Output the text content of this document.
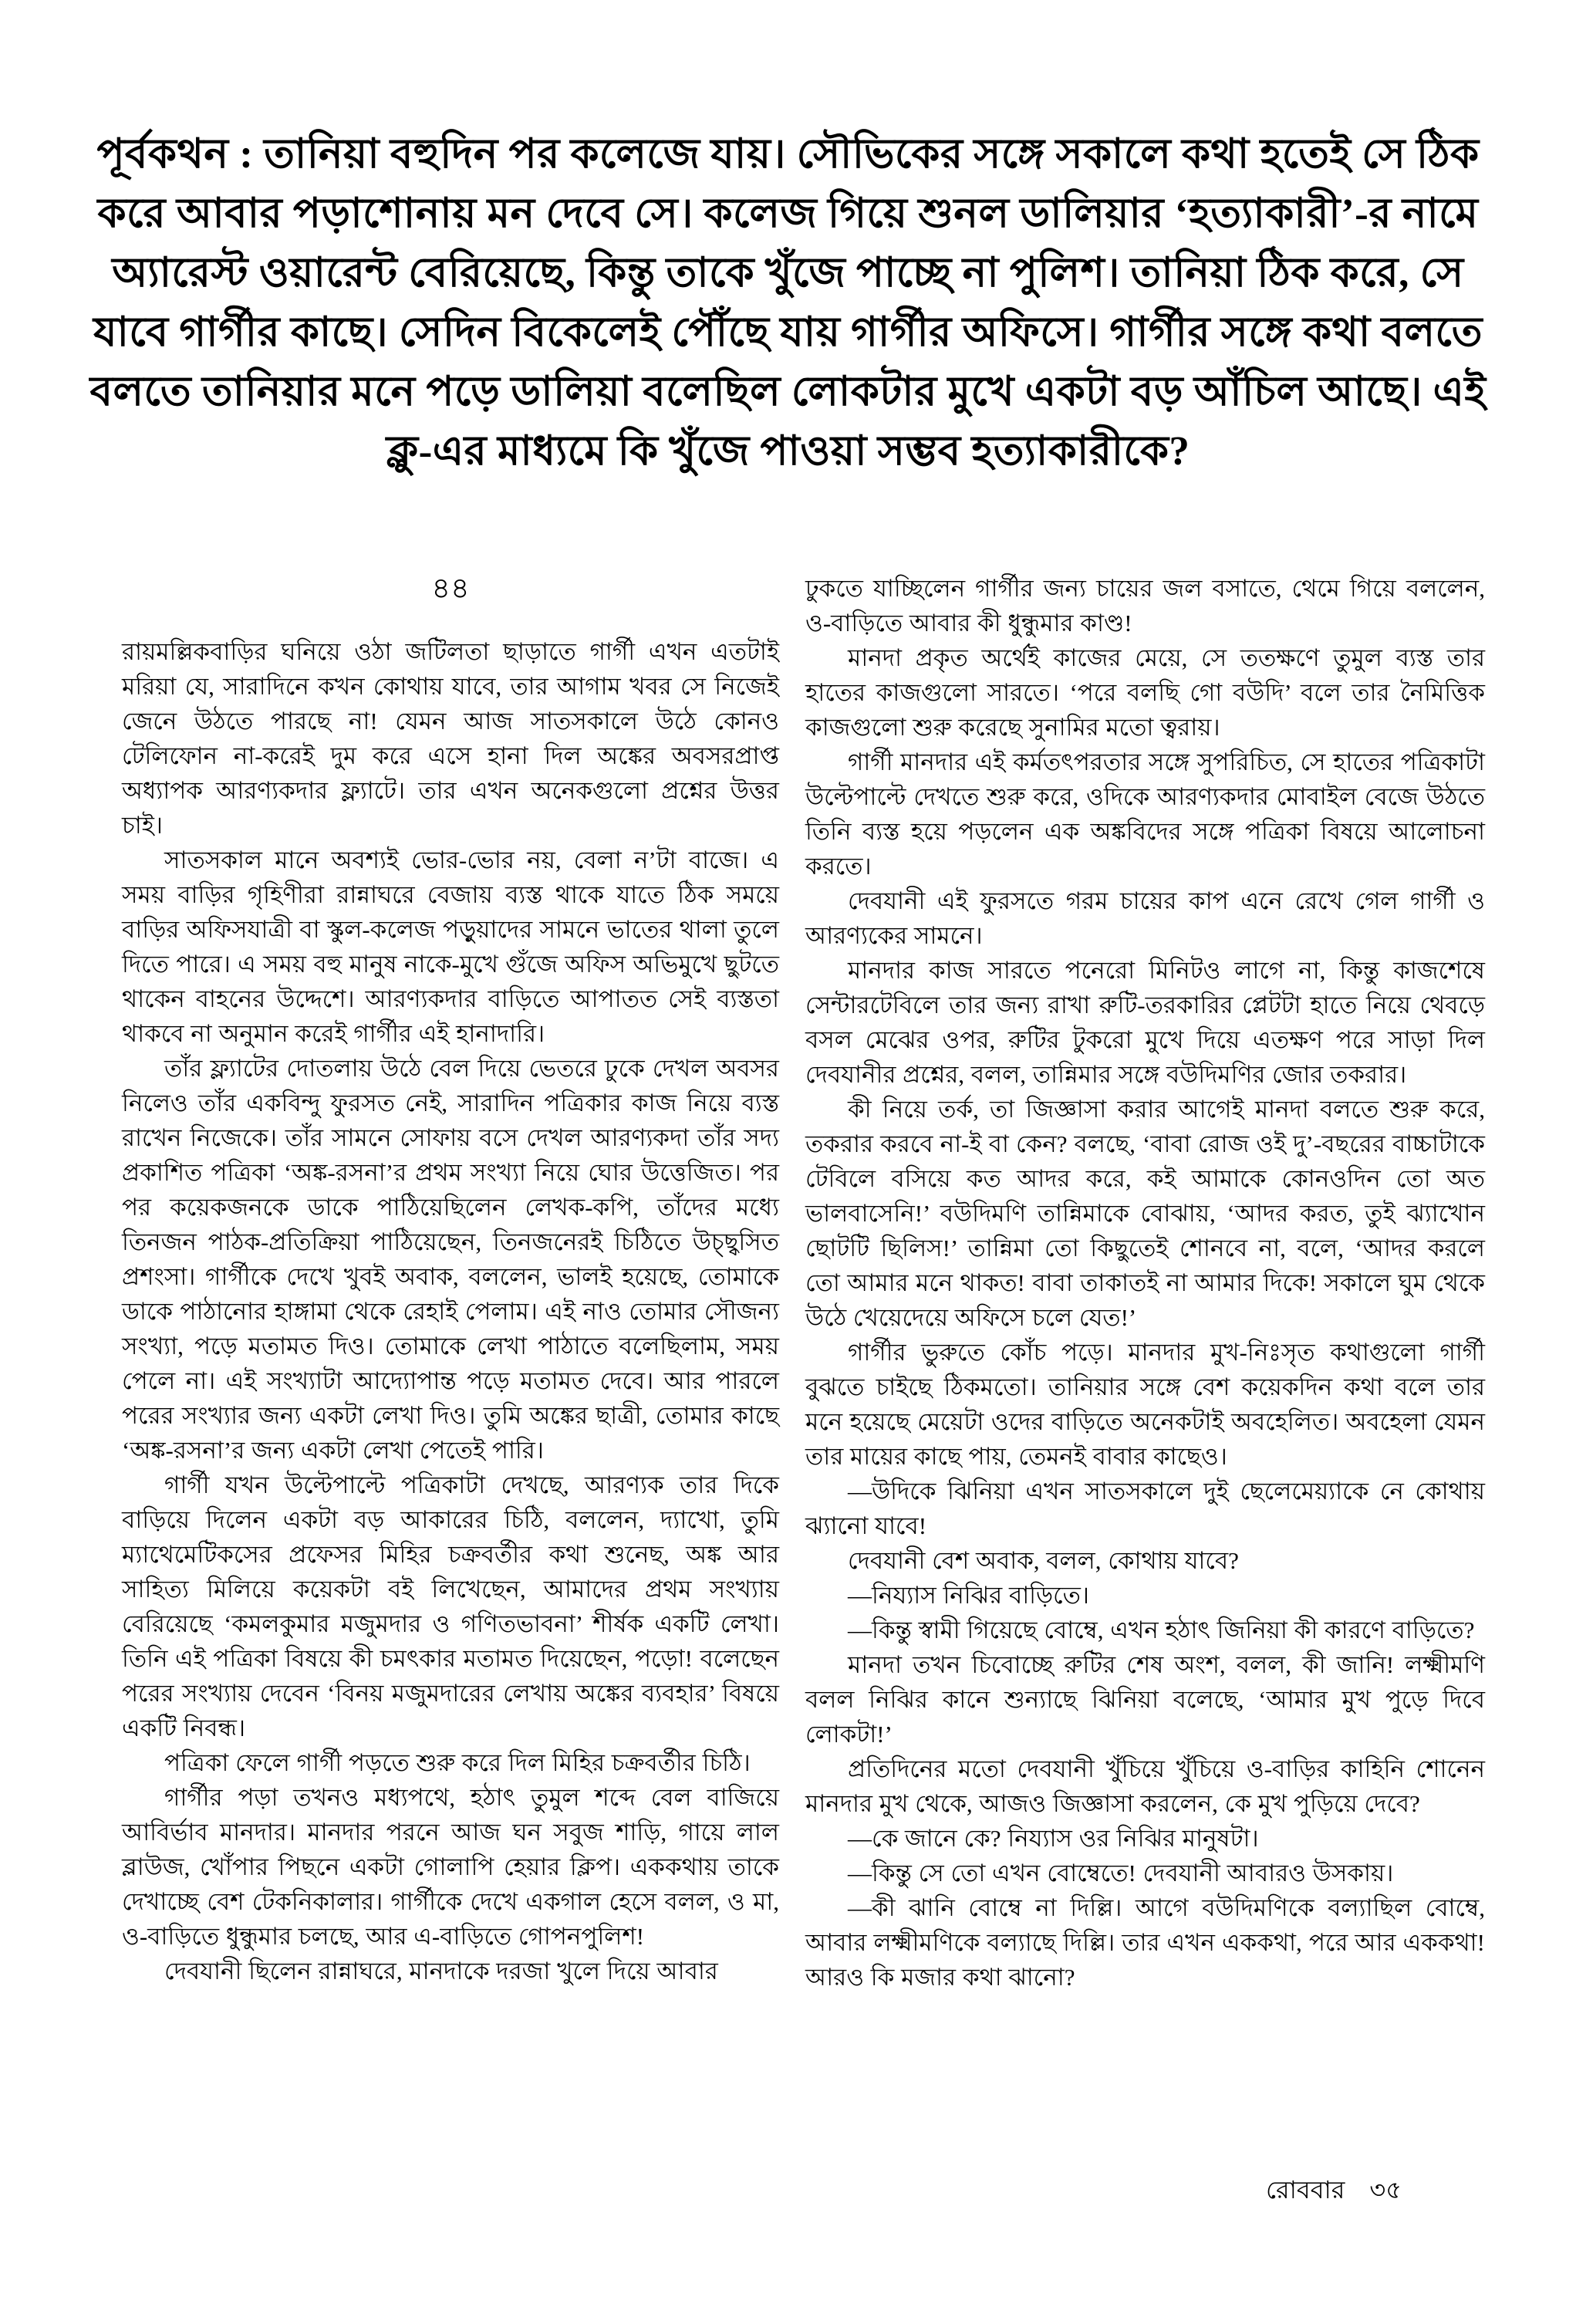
পূর্বকথন : তানিয়া বহুদিন পর কলেজে যায়। সৌভিকের সঙ্গে সকালে কথা হতেই সে ঠিক করে আবার পড়াশোনায় মন দেবে সে। কলেজ গিয়ে শুনল ডালিয়ার ‘হত্যাকারী’-র নামে অ্যারেস্ট ওয়ারেন্ট বেরিয়েছে, কিন্তু তাকে খুঁজে পাচ্ছে না পুলিশ। তানিয়া ঠিক করে, সে যাবে গার্গীর কাছে। সেদিন বিকেলেই পৌঁছে যায় গার্গীর অফিসে। গার্গীর সঙ্গে কথা বলতে বলতে তানিয়ার মনে পড়ে ডালিয়া বলেছিল লোকটার মুখে একটা বড় আঁচিল আছে। এই ক্লু-এর মাধ্যমে কি খুঁজে পাওয়া সম্ভব হত্যাকারীকে?

৪৪

রায়মল্লিকবাড়ির ঘনিয়ে ওঠা জটিলতা ছাড়াতে গার্গী এখন এতটাই মরিয়া যে, সারাদিনে কখন কোথায় যাবে, তার আগাম খবর সে নিজেই জেনে উঠতে পারছে না! যেমন আজ সাতসকালে উঠে কোনও টেলিফোন না-করেই দুম করে এসে হানা দিল অঙ্কের অবসরপ্রাপ্ত অধ্যাপক আরণ্যকদার ফ্ল্যাটে। তার এখন অনেকগুলো প্রশ্নের উত্তর চাই।

সাতসকাল মানে অবশ্যই ভোর-ভোর নয়, বেলা ন’টা বাজে। এ সময় বাড়ির গৃহিণীরা রান্নাঘরে বেজায় ব্যস্ত থাকে যাতে ঠিক সময়ে বাড়ির অফিসযাত্রী বা স্কুল-কলেজ পড়ুয়াদের সামনে ভাতের থালা তুলে দিতে পারে। এ সময় বহু মানুষ নাকে-মুখে গুঁজে অফিস অভিমুখে ছুটতে থাকেন বাহনের উদ্দেশে। আরণ্যকদার বাড়িতে আপাতত সেই ব্যস্ততা থাকবে না অনুমান করেই গার্গীর এই হানাদারি।

তাঁর ফ্ল্যাটের দোতলায় উঠে বেল দিয়ে ভেতরে ঢুকে দেখল অবসর নিলেও তাঁর একবিন্দু ফুরসত নেই, সারাদিন পত্রিকার কাজ নিয়ে ব্যস্ত রাখেন নিজেকে। তাঁর সামনে সোফায় বসে দেখল আরণ্যকদা তাঁর সদ্য প্রকাশিত পত্রিকা ‘অঙ্ক-রসনা’র প্রথম সংখ্যা নিয়ে ঘোর উত্তেজিত। পর পর কয়েকজনকে ডাকে পাঠিয়েছিলেন লেখক-কপি, তাঁদের মধ্যে তিনজন পাঠক-প্রতিক্রিয়া পাঠিয়েছেন, তিনজনেরই চিঠিতে উচ্ছ্বসিত প্রশংসা। গার্গীকে দেখে খুবই অবাক, বললেন, ভালই হয়েছে, তোমাকে ডাকে পাঠানোর হাঙ্গামা থেকে রেহাই পেলাম। এই নাও তোমার সৌজন্য সংখ্যা, পড়ে মতামত দিও। তোমাকে লেখা পাঠাতে বলেছিলাম, সময় পেলে না। এই সংখ্যাটা আদ্যোপান্ত পড়ে মতামত দেবে। আর পারলে পরের সংখ্যার জন্য একটা লেখা দিও। তুমি অঙ্কের ছাত্রী, তোমার কাছে ‘অঙ্ক-রসনা’র জন্য একটা লেখা পেতেই পারি।

গার্গী যখন উল্টেপাল্টে পত্রিকাটা দেখছে, আরণ্যক তার দিকে বাড়িয়ে দিলেন একটা বড় আকারের চিঠি, বললেন, দ্যাখো, তুমি ম্যাথেমেটিকসের প্রফেসর মিহির চক্রবর্তীর কথা শুনেছ, অঙ্ক আর সাহিত্য মিলিয়ে কয়েকটা বই লিখেছেন, আমাদের প্রথম সংখ্যায় বেরিয়েছে ‘কমলকুমার মজুমদার ও গণিতভাবনা’ শীর্ষক একটি লেখা। তিনি এই পত্রিকা বিষয়ে কী চমৎকার মতামত দিয়েছেন, পড়ো! বলেছেন পরের সংখ্যায় দেবেন ‘বিনয় মজুমদারের লেখায় অঙ্কের ব্যবহার’ বিষয়ে একটি নিবন্ধ।

পত্রিকা ফেলে গার্গী পড়তে শুরু করে দিল মিহির চক্রবর্তীর চিঠি।

গার্গীর পড়া তখনও মধ্যপথে, হঠাৎ তুমুল শব্দে বেল বাজিয়ে আবির্ভাব মানদার। মানদার পরনে আজ ঘন সবুজ শাড়ি, গায়ে লাল ব্লাউজ, খোঁপার পিছনে একটা গোলাপি হেয়ার ক্লিপ। এককথায় তাকে দেখাচ্ছে বেশ টেকনিকালার। গার্গীকে দেখে একগাল হেসে বলল, ও মা, ও-বাড়িতে ধুন্ধুমার চলছে, আর এ-বাড়িতে গোপনপুলিশ!

দেবযানী ছিলেন রান্নাঘরে, মানদাকে দরজা খুলে দিয়ে আবার

ঢুকতে যাচ্ছিলেন গার্গীর জন্য চায়ের জল বসাতে, থেমে গিয়ে বললেন, ও-বাড়িতে আবার কী ধুন্ধুমার কাণ্ড!

মানদা প্রকৃত অর্থেই কাজের মেয়ে, সে ততক্ষণে তুমুল ব্যস্ত তার হাতের কাজগুলো সারতে। ‘পরে বলছি গো বউদি’ বলে তার নৈমিত্তিক কাজগুলো শুরু করেছে সুনামির মতো ত্বরায়।

গার্গী মানদার এই কর্মতৎপরতার সঙ্গে সুপরিচিত, সে হাতের পত্রিকাটা উল্টেপাল্টে দেখতে শুরু করে, ওদিকে আরণ্যকদার মোবাইল বেজে উঠতে তিনি ব্যস্ত হয়ে পড়লেন এক অঙ্কবিদের সঙ্গে পত্রিকা বিষয়ে আলোচনা করতে।

দেবযানী এই ফুরসতে গরম চায়ের কাপ এনে রেখে গেল গার্গী ও আরণ্যকের সামনে।

মানদার কাজ সারতে পনেরো মিনিটও লাগে না, কিন্তু কাজশেষে সেন্টারটেবিলে তার জন্য রাখা রুটি-তরকারির প্লেটটা হাতে নিয়ে থেবড়ে বসল মেঝের ওপর, রুটির টুকরো মুখে দিয়ে এতক্ষণ পরে সাড়া দিল দেবযানীর প্রশ্নের, বলল, তান্নিমার সঙ্গে বউদিমণির জোর তকরার।

কী নিয়ে তর্ক, তা জিজ্ঞাসা করার আগেই মানদা বলতে শুরু করে, তকরার করবে না-ই বা কেন? বলছে, ‘বাবা রোজ ওই দু’-বছরের বাচ্চাটাকে টেবিলে বসিয়ে কত আদর করে, কই আমাকে কোনওদিন তো অত ভালবাসেনি!’ বউদিমণি তান্নিমাকে বোঝায়, ‘আদর করত, তুই ঝ্যাখোন ছোটটি ছিলিস!’ তান্নিমা তো কিছুতেই শোনবে না, বলে, ‘আদর করলে তো আমার মনে থাকত! বাবা তাকাতই না আমার দিকে! সকালে ঘুম থেকে উঠে খেয়েদেয়ে অফিসে চলে যেত!’

গার্গীর ভুরুতে কোঁচ পড়ে। মানদার মুখ-নিঃসৃত কথাগুলো গার্গী বুঝতে চাইছে ঠিকমতো। তানিয়ার সঙ্গে বেশ কয়েকদিন কথা বলে তার মনে হয়েছে মেয়েটা ওদের বাড়িতে অনেকটাই অবহেলিত। অবহেলা যেমন তার মায়ের কাছে পায়, তেমনই বাবার কাছেও।

—উদিকে ঝিনিয়া এখন সাতসকালে দুই ছেলেমেয়্যাকে নে কোথায় ঝ্যানো যাবে!

দেবযানী বেশ অবাক, বলল, কোথায় যাবে?

—নিয্যাস নিঝির বাড়িতে।

—কিন্তু স্বামী গিয়েছে বোম্বে, এখন হঠাৎ জিনিয়া কী কারণে বাড়িতে?

মানদা তখন চিবোচ্ছে রুটির শেষ অংশ, বলল, কী জানি! লক্ষ্মীমণি বলল নিঝির কানে শুন্যাছে ঝিনিয়া বলেছে, ‘আমার মুখ পুড়ে দিবে লোকটা!’

প্রতিদিনের মতো দেবযানী খুঁচিয়ে খুঁচিয়ে ও-বাড়ির কাহিনি শোনেন মানদার মুখ থেকে, আজও জিজ্ঞাসা করলেন, কে মুখ পুড়িয়ে দেবে?

—কে জানে কে? নিয্যাস ওর নিঝির মানুষটা।

—কিন্তু সে তো এখন বোম্বেতে! দেবযানী আবারও উসকায়।

—কী ঝানি বোম্বে না দিল্লি। আগে বউদিমণিকে বল্যাছিল বোম্বে, আবার লক্ষ্মীমণিকে বল্যাছে দিল্লি। তার এখন এককথা, পরে আর এককথা! আরও কি মজার কথা ঝানো?

রোববার ৩৫
